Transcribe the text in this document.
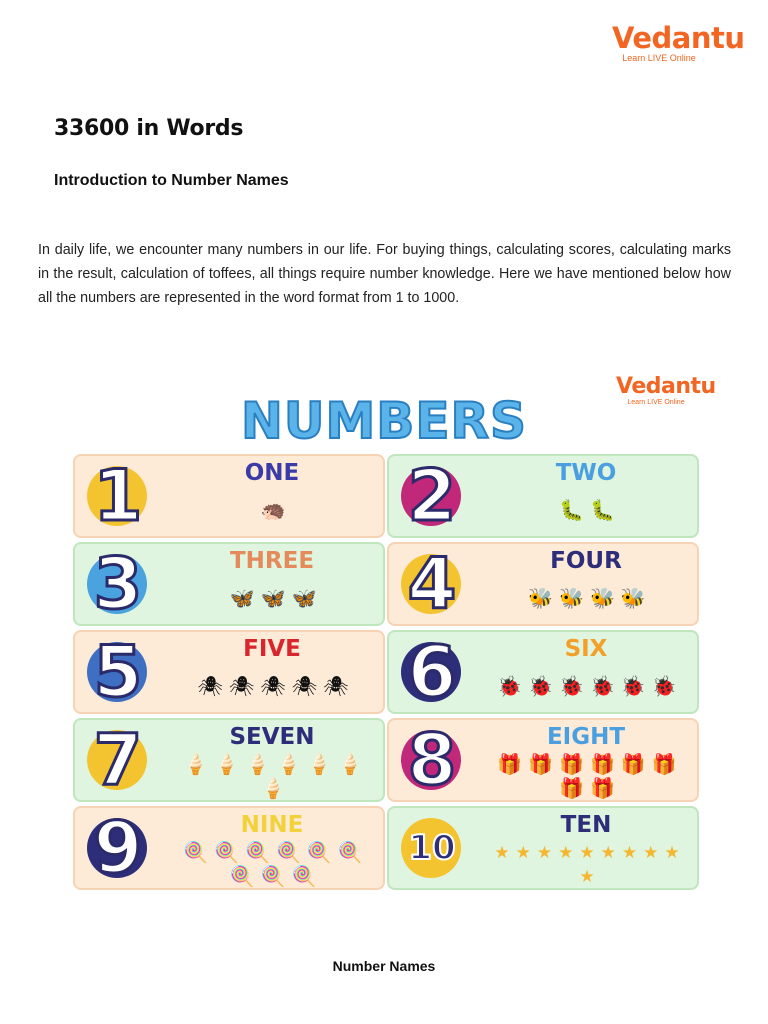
Vedantu
Learn LIVE Online
33600 in Words
Introduction to Number Names

In daily life, we encounter many numbers in our life. For buying things, calculating scores, calculating marks in the result, calculation of toffees, all things require number knowledge. Here we have mentioned below how all the numbers are represented in the word format from 1 to 1000.

Vedantu
Learn LIVE Online
NUMBERS
1	ONE
🦔 2	TWO
🐛 🐛
3	THREE
🦋 🦋 🦋 4	FOUR
🐝 🐝 🐝 🐝
5	FIVE
🕷 🕷 🕷 🕷 🕷 6	SIX
🐞 🐞 🐞 🐞 🐞 🐞
7	SEVEN
🍦 🍦 🍦 🍦 🍦 🍦
🍦 8	EIGHT
🎁 🎁 🎁 🎁 🎁 🎁
🎁 🎁
9	NINE
🍭 🍭 🍭 🍭 🍭 🍭
🍭 🍭 🍭
10
TEN
★ ★ ★ ★ ★ ★ ★ ★ ★
★
Number Names
